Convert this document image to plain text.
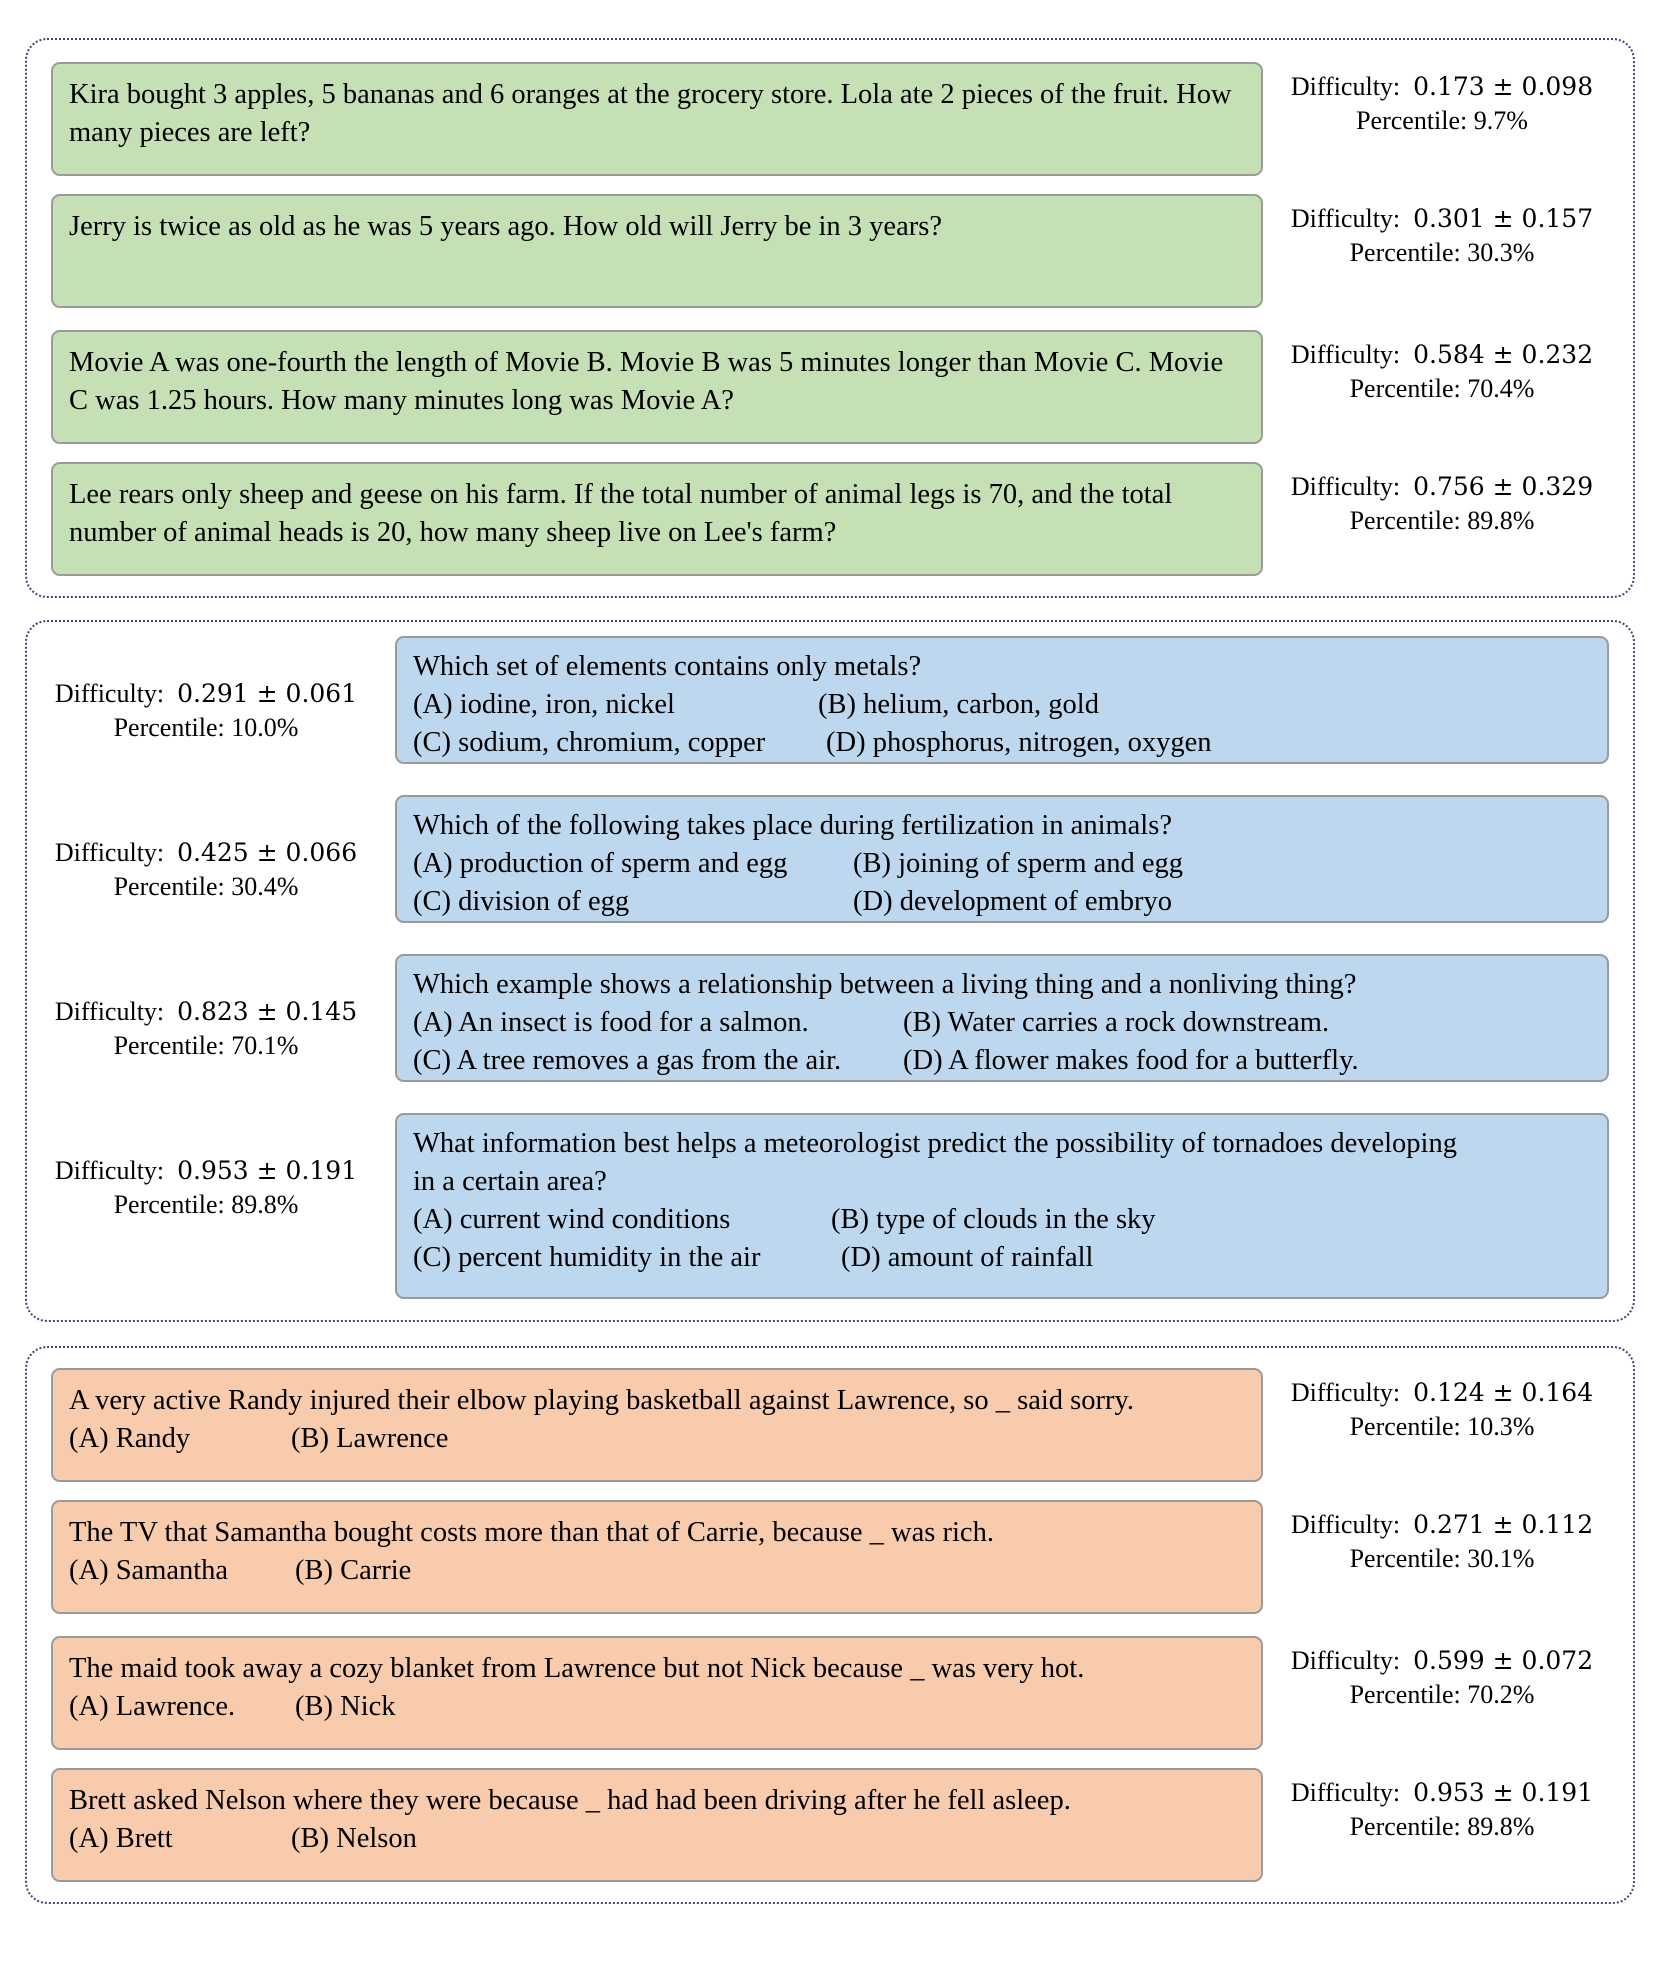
Kira bought 3 apples, 5 bananas and 6 oranges at the grocery store. Lola ate 2 pieces of the fruit. How many pieces are left?
Difficulty: 0.173 ± 0.098
Percentile: 9.7%
Jerry is twice as old as he was 5 years ago. How old will Jerry be in 3 years?	Difficulty: 0.301 ± 0.157
Percentile: 30.3%
Movie A was one-fourth the length of Movie B. Movie B was 5 minutes longer than Movie C. Movie C was 1.25 hours. How many minutes long was Movie A?
Difficulty: 0.584 ± 0.232
Percentile: 70.4%
Lee rears only sheep and geese on his farm. If the total number of animal legs is 70, and the total number of animal heads is 20, how many sheep live on Lee's farm?
Difficulty: 0.756 ± 0.329
Percentile: 89.8%
Difficulty: 0.291 ± 0.061
Percentile: 10.0%
Which set of elements contains only metals?
(A) iodine, iron, nickel	(B) helium, carbon, gold
(C) sodium, chromium, copper	(D) phosphorus, nitrogen, oxygen
Difficulty: 0.425 ± 0.066
Percentile: 30.4%
Which of the following takes place during fertilization in animals?
(A) production of sperm and egg	(B) joining of sperm and egg
(C) division of egg	(D) development of embryo
Difficulty: 0.823 ± 0.145
Percentile: 70.1%
Which example shows a relationship between a living thing and a nonliving thing?
(A) An insect is food for a salmon.	(B) Water carries a rock downstream.
(C) A tree removes a gas from the air.	(D) A flower makes food for a butterfly.
Difficulty: 0.953 ± 0.191
Percentile: 89.8%
What information best helps a meteorologist predict the possibility of tornadoes developing
in a certain area?
(A) current wind conditions	(B) type of clouds in the sky
(C) percent humidity in the air	(D) amount of rainfall
A very active Randy injured their elbow playing basketball against Lawrence, so _ said sorry.
(A) Randy	(B) Lawrence
Difficulty: 0.124 ± 0.164
Percentile: 10.3%
The TV that Samantha bought costs more than that of Carrie, because _ was rich.
(A) Samantha	(B) Carrie
Difficulty: 0.271 ± 0.112
Percentile: 30.1%
The maid took away a cozy blanket from Lawrence but not Nick because _ was very hot.
(A) Lawrence.	(B) Nick
Difficulty: 0.599 ± 0.072
Percentile: 70.2%
Brett asked Nelson where they were because _ had had been driving after he fell asleep.
(A) Brett	(B) Nelson
Difficulty: 0.953 ± 0.191
Percentile: 89.8%
